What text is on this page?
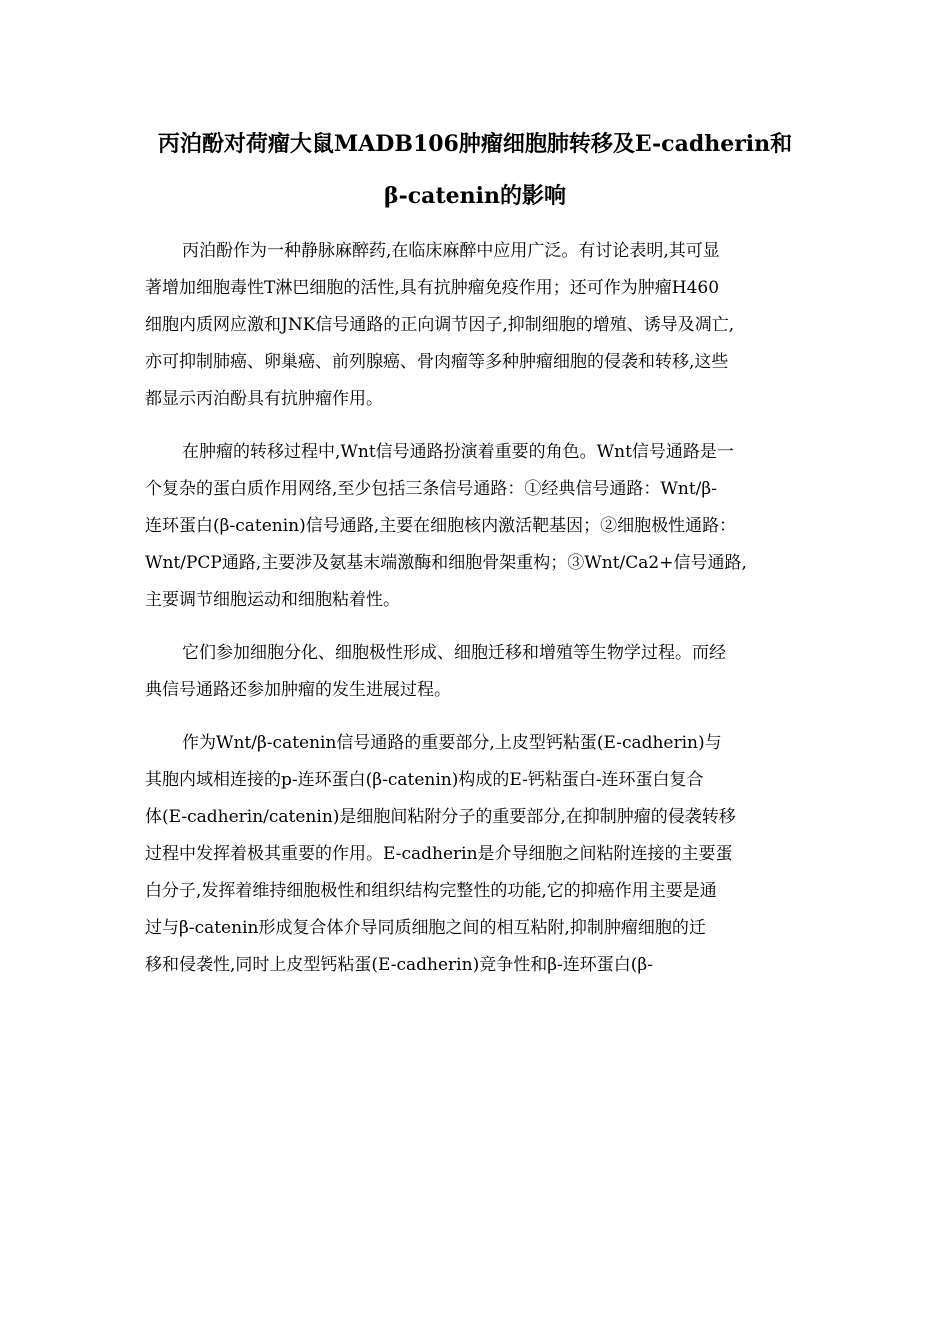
丙泊酚对荷瘤大鼠MADB106肿瘤细胞肺转移及E-cadherin和
β-catenin的影响
丙泊酚作为一种静脉麻醉药,在临床麻醉中应用广泛。有讨论表明,其可显
著增加细胞毒性T淋巴细胞的活性,具有抗肿瘤免疫作用；还可作为肿瘤H460
细胞内质网应激和JNK信号通路的正向调节因子,抑制细胞的增殖、诱导及凋亡,
亦可抑制肺癌、卵巢癌、前列腺癌、骨肉瘤等多种肿瘤细胞的侵袭和转移,这些
都显示丙泊酚具有抗肿瘤作用。
在肿瘤的转移过程中,Wnt信号通路扮演着重要的角色。Wnt信号通路是一
个复杂的蛋白质作用网络,至少包括三条信号通路：①经典信号通路：Wnt/β-
连环蛋白(β-catenin)信号通路,主要在细胞核内激活靶基因；②细胞极性通路：
Wnt/PCP通路,主要涉及氨基末端激酶和细胞骨架重构；③Wnt/Ca2+信号通路,
主要调节细胞运动和细胞粘着性。
它们参加细胞分化、细胞极性形成、细胞迁移和增殖等生物学过程。而经
典信号通路还参加肿瘤的发生进展过程。
作为Wnt/β-catenin信号通路的重要部分,上皮型钙粘蛋(E-cadherin)与
其胞内域相连接的p-连环蛋白(β-catenin)构成的E-钙粘蛋白-连环蛋白复合
体(E-cadherin/catenin)是细胞间粘附分子的重要部分,在抑制肿瘤的侵袭转移
过程中发挥着极其重要的作用。E-cadherin是介导细胞之间粘附连接的主要蛋
白分子,发挥着维持细胞极性和组织结构完整性的功能,它的抑癌作用主要是通
过与β-catenin形成复合体介导同质细胞之间的相互粘附,抑制肿瘤细胞的迁
移和侵袭性,同时上皮型钙粘蛋(E-cadherin)竞争性和β-连环蛋白(β-
